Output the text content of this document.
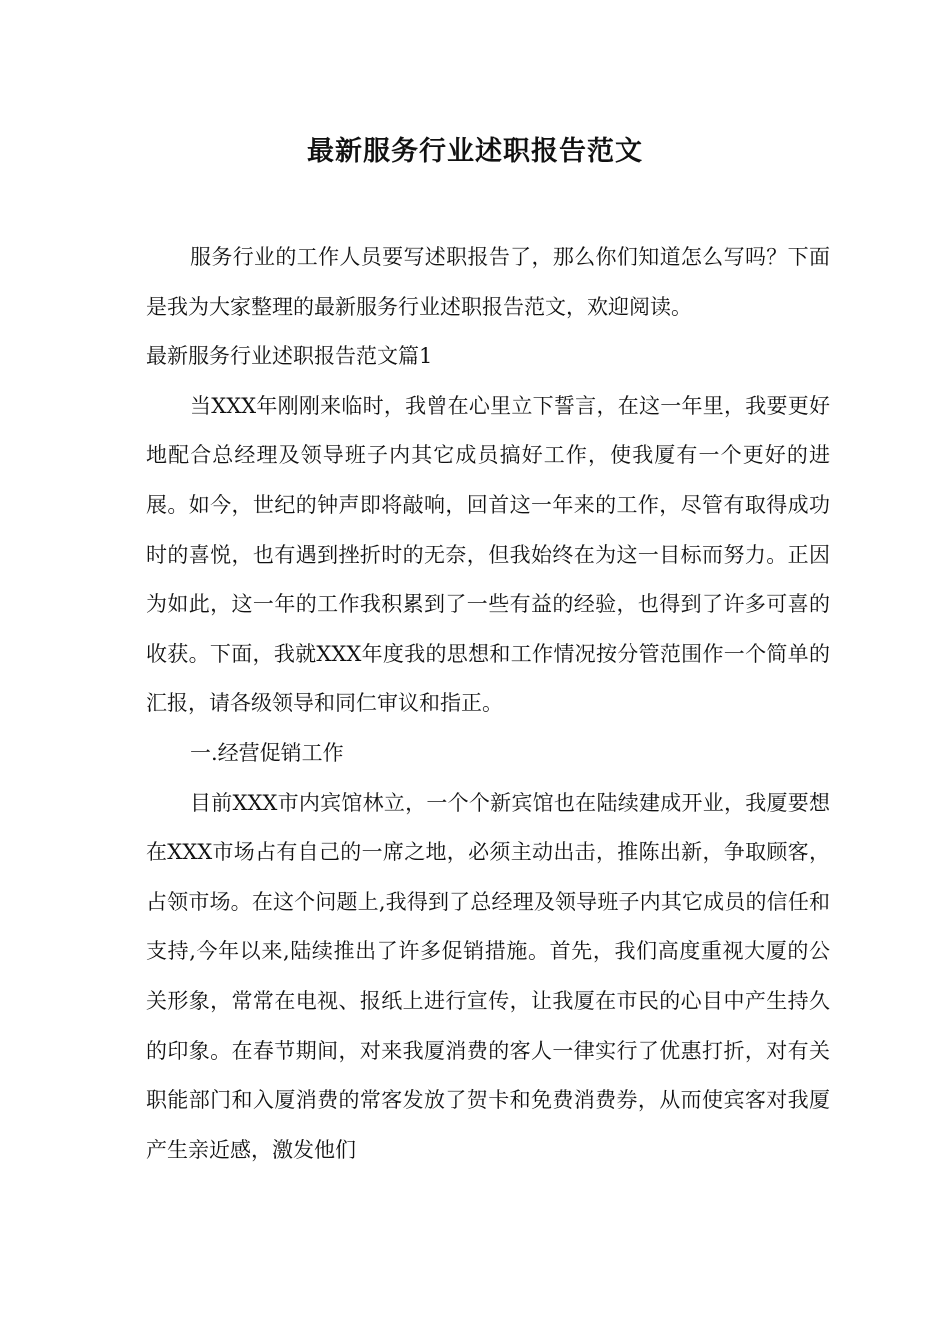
最新服务行业述职报告范文

服务行业的工作人员要写述职报告了，那么你们知道怎么写吗？下面是我为大家整理的最新服务行业述职报告范文，欢迎阅读。

最新服务行业述职报告范文篇1

当XXX年刚刚来临时，我曾在心里立下誓言，在这一年里，我要更好地配合总经理及领导班子内其它成员搞好工作，使我厦有一个更好的进展。如今，世纪的钟声即将敲响，回首这一年来的工作，尽管有取得成功时的喜悦，也有遇到挫折时的无奈，但我始终在为这一目标而努力。正因为如此，这一年的工作我积累到了一些有益的经验，也得到了许多可喜的收获。下面，我就XXX年度我的思想和工作情况按分管范围作一个简单的汇报，请各级领导和同仁审议和指正。

一.经营促销工作

目前XXX市内宾馆林立，一个个新宾馆也在陆续建成开业，我厦要想在XXX市场占有自己的一席之地，必须主动出击，推陈出新，争取顾客，占领市场。在这个问题上,我得到了总经理及领导班子内其它成员的信任和支持,今年以来,陆续推出了许多促销措施。首先，我们高度重视大厦的公关形象，常常在电视、报纸上进行宣传，让我厦在市民的心目中产生持久的印象。在春节期间，对来我厦消费的客人一律实行了优惠打折，对有关职能部门和入厦消费的常客发放了贺卡和免费消费券，从而使宾客对我厦产生亲近感，激发他们
